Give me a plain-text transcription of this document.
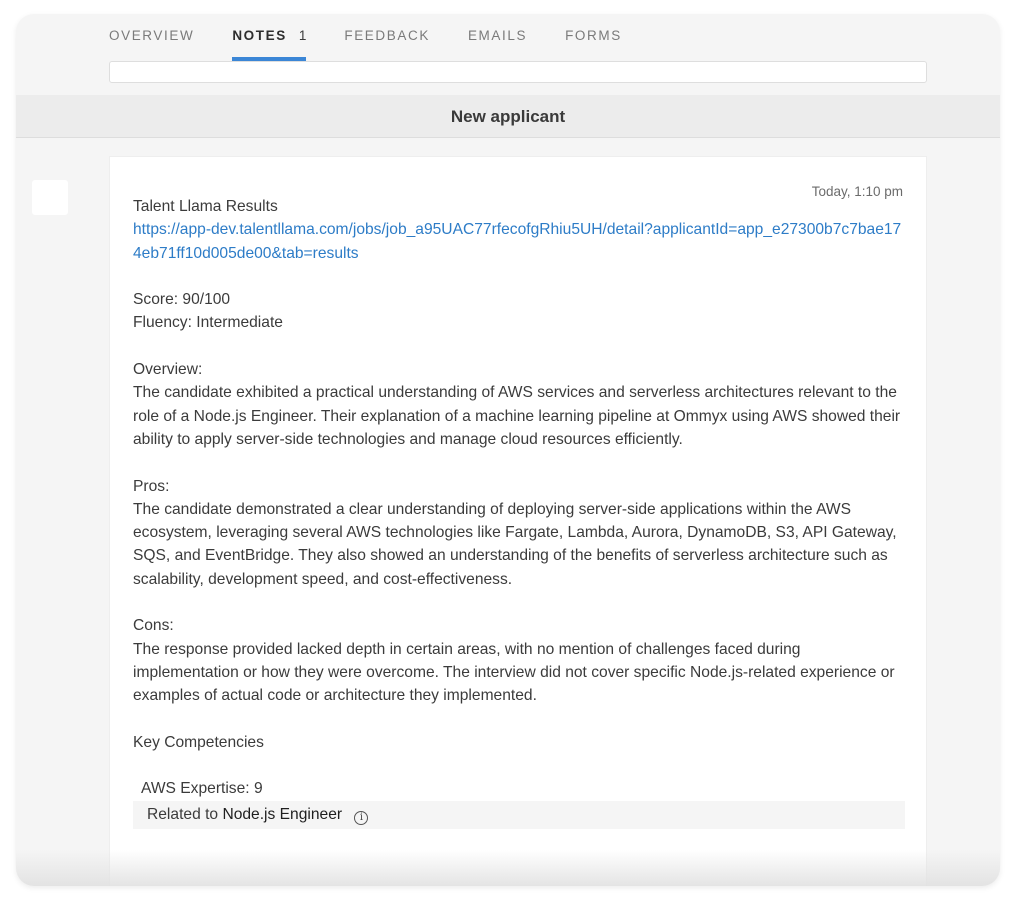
OVERVIEW	NOTES 1	FEEDBACK	EMAILS	FORMS
New applicant
Today, 1:10 pm
Talent Llama Results
https://app-dev.talentllama.com/jobs/job_a95UAC77rfecofgRhiu5UH/detail?applicantId=app_e27300b7c7bae174eb71ff10d005de00&tab=results
Score: 90/100
Fluency: Intermediate
Overview:
The candidate exhibited a practical understanding of AWS services and serverless architectures relevant to the role of a Node.js Engineer. Their explanation of a machine learning pipeline at Ommyx using AWS showed their ability to apply server-side technologies and manage cloud resources efficiently.
Pros:
The candidate demonstrated a clear understanding of deploying server-side applications within the AWS ecosystem, leveraging several AWS technologies like Fargate, Lambda, Aurora, DynamoDB, S3, API Gateway, SQS, and EventBridge. They also showed an understanding of the benefits of serverless architecture such as scalability, development speed, and cost-effectiveness.
Cons:
The response provided lacked depth in certain areas, with no mention of challenges faced during implementation or how they were overcome. The interview did not cover specific Node.js-related experience or examples of actual code or architecture they implemented.
Key Competencies
AWS Expertise: 9
Related to Node.js Engineer i
